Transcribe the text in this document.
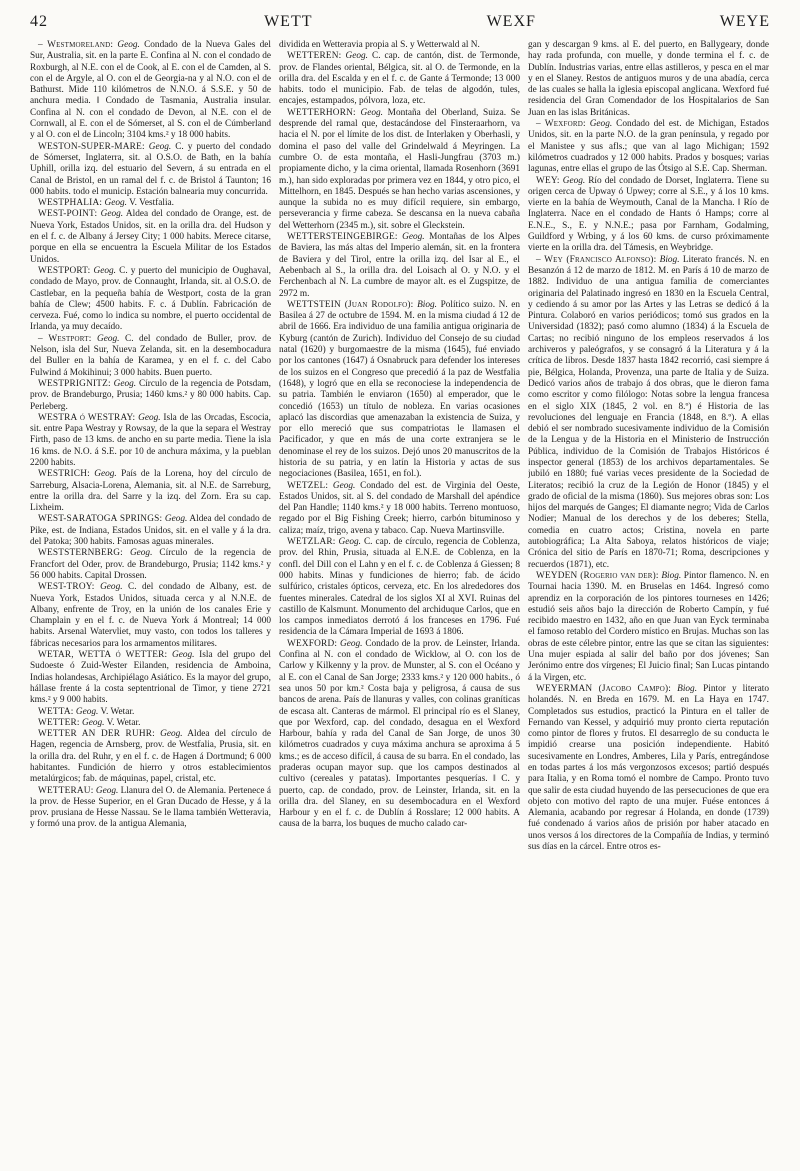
42	WETT	WEXF	WEYE

– Westmoreland: Geog. Condado de la Nueva Gales del Sur, Australia, sit. en la parte E. Confina al N. con el condado de Roxburgh, al N.E. con el de Cook, al E. con el de Camden, al S. con el de Argyle, al O. con el de Georgia-na y al N.O. con el de Bathurst. Mide 110 kilómetros de N.N.O. á S.S.E. y 50 de anchura media. ‖ Condado de Tasmania, Australia insular. Confina al N. con el condado de Devon, al N.E. con el de Cornwall, al E. con el de Sómerset, al S. con el de Cúmberland y al O. con el de Lincoln; 3104 kms.² y 18 000 habits.

WESTON-SUPER-MARE: Geog. C. y puerto del condado de Sómerset, Inglaterra, sit. al O.S.O. de Bath, en la bahía Uphill, orilla izq. del estuario del Severn, á su entrada en el Canal de Bristol, en un ramal del f. c. de Bristol á Taunton; 16 000 habits. todo el municip. Estación balnearia muy concurrida.

WESTPHALIA: Geog. V. Vestfalia.

WEST-POINT: Geog. Aldea del condado de Orange, est. de Nueva York, Estados Unidos, sit. en la orilla dra. del Hudson y en el f. c. de Albany á Jersey City; 1 000 habits. Merece citarse, porque en ella se encuentra la Escuela Militar de los Estados Unidos.

WESTPORT: Geog. C. y puerto del municipio de Oughaval, condado de Mayo, prov. de Connaught, Irlanda, sit. al O.S.O. de Castlebar, en la pequeña bahía de Westport, costa de la gran bahía de Clew; 4500 habits. F. c. á Dublín. Fabricación de cerveza. Fué, como lo indica su nombre, el puerto occidental de Irlanda, ya muy decaído.

– Westport: Geog. C. del condado de Buller, prov. de Nelson, isla del Sur, Nueva Zelanda, sit. en la desembocadura del Buller en la bahía de Karamea, y en el f. c. del Cabo Fulwind á Mokihinui; 3 000 habits. Buen puerto.

WESTPRIGNITZ: Geog. Círculo de la regencia de Potsdam, prov. de Brandeburgo, Prusia; 1460 kms.² y 80 000 habits. Cap. Perleberg.

WESTRA ó WESTRAY: Geog. Isla de las Orcadas, Escocia, sit. entre Papa Westray y Rowsay, de la que la separa el Westray Firth, paso de 13 kms. de ancho en su parte media. Tiene la isla 16 kms. de N.O. á S.E. por 10 de anchura máxima, y la pueblan 2200 habits.

WESTRICH: Geog. País de la Lorena, hoy del círculo de Sarreburg, Alsacia-Lorena, Alemania, sit. al N.E. de Sarreburg, entre la orilla dra. del Sarre y la izq. del Zorn. Era su cap. Lixheim.

WEST-SARATOGA SPRINGS: Geog. Aldea del condado de Pike, est. de Indiana, Estados Unidos, sit. en el valle y á la dra. del Patoka; 300 habits. Famosas aguas minerales.

WESTSTERNBERG: Geog. Círculo de la regencia de Francfort del Oder, prov. de Brandeburgo, Prusia; 1142 kms.² y 56 000 habits. Capital Drossen.

WEST-TROY: Geog. C. del condado de Albany, est. de Nueva York, Estados Unidos, situada cerca y al N.N.E. de Albany, enfrente de Troy, en la unión de los canales Erie y Champlain y en el f. c. de Nueva York á Montreal; 14 000 habits. Arsenal Watervliet, muy vasto, con todos los talleres y fábricas necesarios para los armamentos militares.

WETAR, WETTA ó WETTER: Geog. Isla del grupo del Sudoeste ó Zuid-Wester Eilanden, residencia de Amboina, Indias holandesas, Archipiélago Asiático. Es la mayor del grupo, hállase frente á la costa septentrional de Timor, y tiene 2721 kms.² y 9 000 habits.

WETTA: Geog. V. Wetar.

WETTER: Geog. V. Wetar.

WETTER AN DER RUHR: Geog. Aldea del círculo de Hagen, regencia de Arnsberg, prov. de Westfalia, Prusia, sit. en la orilla dra. del Ruhr, y en el f. c. de Hagen á Dortmund; 6 000 habitantes. Fundición de hierro y otros establecimientos metalúrgicos; fab. de máquinas, papel, cristal, etc.

WETTERAU: Geog. Llanura del O. de Alemania. Pertenece á la prov. de Hesse Superior, en el Gran Ducado de Hesse, y á la prov. prusiana de Hesse Nassau. Se le llama también Wetteravia, y formó una prov. de la antigua Alemania,

dividida en Wetteravia propia al S. y Wetterwald al N.

WETTEREN: Geog. C. cap. de cantón, dist. de Termonde, prov. de Flandes oriental, Bélgica, sit. al O. de Termonde, en la orilla dra. del Escalda y en el f. c. de Gante á Termonde; 13 000 habits. todo el municipio. Fab. de telas de algodón, tules, encajes, estampados, pólvora, loza, etc.

WETTERHORN: Geog. Montaña del Oberland, Suiza. Se desprende del ramal que, destacándose del Finsteraarhorn, va hacia el N. por el límite de los dist. de Interlaken y Oberhasli, y domina el paso del valle del Grindelwald á Meyringen. La cumbre O. de esta montaña, el Hasli-Jungfrau (3703 m.) propiamente dicho, y la cima oriental, llamada Rosenhorn (3691 m.), han sido exploradas por primera vez en 1844, y otro pico, el Mittelhorn, en 1845. Después se han hecho varias ascensiones, y aunque la subida no es muy difícil requiere, sin embargo, perseverancia y firme cabeza. Se descansa en la nueva cabaña del Wetterhorn (2345 m.), sit. sobre el Gleckstein.

WETTERSTEINGEBIRGE: Geog. Montañas de los Alpes de Baviera, las más altas del Imperio alemán, sit. en la frontera de Baviera y del Tirol, entre la orilla izq. del Isar al E., el Aebenbach al S., la orilla dra. del Loisach al O. y N.O. y el Ferchenbach al N. La cumbre de mayor alt. es el Zugspitze, de 2972 m.

WETTSTEIN (Juan Rodolfo): Biog. Político suizo. N. en Basilea á 27 de octubre de 1594. M. en la misma ciudad á 12 de abril de 1666. Era individuo de una familia antigua originaria de Kyburg (cantón de Zurich). Individuo del Consejo de su ciudad natal (1620) y burgomaestre de la misma (1645), fué enviado por los cantones (1647) á Osnabruck para defender los intereses de los suizos en el Congreso que precedió á la paz de Westfalia (1648), y logró que en ella se reconociese la independencia de su patria. También le enviaron (1650) al emperador, que le concedió (1653) un título de nobleza. En varias ocasiones aplacó las discordias que amenazaban la existencia de Suiza, y por ello mereció que sus compatriotas le llamasen el Pacificador, y que en más de una corte extranjera se le denominase el rey de los suizos. Dejó unos 20 manuscritos de la historia de su patria, y en latín la Historia y actas de sus negociaciones (Basilea, 1651, en fol.).

WETZEL: Geog. Condado del est. de Virginia del Oeste, Estados Unidos, sit. al S. del condado de Marshall del apéndice del Pan Handle; 1140 kms.² y 18 000 habits. Terreno montuoso, regado por el Big Fishing Creek; hierro, carbón bituminoso y caliza; maíz, trigo, avena y tabaco. Cap. Nueva Martinsville.

WETZLAR: Geog. C. cap. de círculo, regencia de Coblenza, prov. del Rhin, Prusia, situada al E.N.E. de Coblenza, en la confl. del Dill con el Lahn y en el f. c. de Coblenza á Giessen; 8 000 habits. Minas y fundiciones de hierro; fab. de ácido sulfúrico, cristales ópticos, cerveza, etc. En los alrededores dos fuentes minerales. Catedral de los siglos XI al XVI. Ruinas del castillo de Kalsmunt. Monumento del archiduque Carlos, que en los campos inmediatos derrotó á los franceses en 1796. Fué residencia de la Cámara Imperial de 1693 á 1806.

WEXFORD: Geog. Condado de la prov. de Leinster, Irlanda. Confina al N. con el condado de Wicklow, al O. con los de Carlow y Kilkenny y la prov. de Munster, al S. con el Océano y al E. con el Canal de San Jorge; 2333 kms.² y 120 000 habits., ó sea unos 50 por km.² Costa baja y peligrosa, á causa de sus bancos de arena. País de llanuras y valles, con colinas graníticas de escasa alt. Canteras de mármol. El principal río es el Slaney, que por Wexford, cap. del condado, desagua en el Wexford Harbour, bahía y rada del Canal de San Jorge, de unos 30 kilómetros cuadrados y cuya máxima anchura se aproxima á 5 kms.; es de acceso difícil, á causa de su barra. En el condado, las praderas ocupan mayor sup. que los campos destinados al cultivo (cereales y patatas). Importantes pesquerías. ‖ C. y puerto, cap. de condado, prov. de Leinster, Irlanda, sit. en la orilla dra. del Slaney, en su desembocadura en el Wexford Harbour y en el f. c. de Dublín á Rosslare; 12 000 habits. A causa de la barra, los buques de mucho calado car-

gan y descargan 9 kms. al E. del puerto, en Ballygeary, donde hay rada profunda, con muelle, y donde termina el f. c. de Dublín. Industrias varias, entre ellas astilleros, y pesca en el mar y en el Slaney. Restos de antiguos muros y de una abadía, cerca de las cuales se halla la iglesia episcopal anglicana. Wexford fué residencia del Gran Comendador de los Hospitalarios de San Juan en las islas Británicas.

– Wexford: Geog. Condado del est. de Michigan, Estados Unidos, sit. en la parte N.O. de la gran península, y regado por el Manistee y sus afls.; que van al lago Michigan; 1592 kilómetros cuadrados y 12 000 habits. Prados y bosques; varias lagunas, entre ellas el grupo de las Ótsigo al S.E. Cap. Sherman.

WEY: Geog. Río del condado de Dorset, Inglaterra. Tiene su origen cerca de Upway ó Upwey; corre al S.E., y á los 10 kms. vierte en la bahía de Weymouth, Canal de la Mancha. ‖ Río de Inglaterra. Nace en el condado de Hants ó Hamps; corre al E.N.E., S., E. y N.N.E.; pasa por Farnham, Godalming, Guildford y Wrbing, y á los 60 kms. de curso próximamente vierte en la orilla dra. del Támesis, en Weybridge.

– Wey (Francisco Alfonso): Biog. Literato francés. N. en Besanzón á 12 de marzo de 1812. M. en París á 10 de marzo de 1882. Individuo de una antigua familia de comerciantes originaria del Palatinado ingresó en 1830 en la Escuela Central, y cediendo á su amor por las Artes y las Letras se dedicó á la Pintura. Colaboró en varios periódicos; tomó sus grados en la Universidad (1832); pasó como alumno (1834) á la Escuela de Cartas; no recibió ninguno de los empleos reservados á los archiveros y paleógrafos, y se consagró á la Literatura y á la crítica de libros. Desde 1837 hasta 1842 recorrió, casi siempre á pie, Bélgica, Holanda, Provenza, una parte de Italia y de Suiza. Dedicó varios años de trabajo á dos obras, que le dieron fama como escritor y como filólogo: Notas sobre la lengua francesa en el siglo XIX (1845, 2 vol. en 8.º) é Historia de las revoluciones del lenguaje en Francia (1848, en 8.º). A ellas debió el ser nombrado sucesivamente individuo de la Comisión de la Lengua y de la Historia en el Ministerio de Instrucción Pública, individuo de la Comisión de Trabajos Históricos é inspector general (1853) de los archivos departamentales. Se jubiló en 1880; fué varias veces presidente de la Sociedad de Literatos; recibió la cruz de la Legión de Honor (1845) y el grado de oficial de la misma (1860). Sus mejores obras son: Los hijos del marqués de Ganges; El diamante negro; Vida de Carlos Nodier; Manual de los derechos y de los deberes; Stella, comedia en cuatro actos; Cristina, novela en parte autobiográfica; La Alta Saboya, relatos históricos de viaje; Crónica del sitio de París en 1870-71; Roma, descripciones y recuerdos (1871), etc.

WEYDEN (Rogerio van der): Biog. Pintor flamenco. N. en Tournai hacia 1390. M. en Bruselas en 1464. Ingresó como aprendiz en la corporación de los pintores tourneses en 1426; estudió seis años bajo la dirección de Roberto Campín, y fué recibido maestro en 1432, año en que Juan van Eyck terminaba el famoso retablo del Cordero místico en Brujas. Muchas son las obras de este célebre pintor, entre las que se citan las siguientes: Una mujer espiada al salir del baño por dos jóvenes; San Jerónimo entre dos vírgenes; El Juicio final; San Lucas pintando á la Virgen, etc.

WEYERMAN (Jacobo Campo): Biog. Pintor y literato holandés. N. en Breda en 1679. M. en La Haya en 1747. Completados sus estudios, practicó la Pintura en el taller de Fernando van Kessel, y adquirió muy pronto cierta reputación como pintor de flores y frutos. El desarreglo de su conducta le impidió crearse una posición independiente. Habitó sucesivamente en Londres, Amberes, Lila y París, entregándose en todas partes á los más vergonzosos excesos; partió después para Italia, y en Roma tomó el nombre de Campo. Pronto tuvo que salir de esta ciudad huyendo de las persecuciones de que era objeto con motivo del rapto de una mujer. Fuése entonces á Alemania, acabando por regresar á Holanda, en donde (1739) fué condenado á varios años de prisión por haber atacado en unos versos á los directores de la Compañía de Indias, y terminó sus días en la cárcel. Entre otros es-
